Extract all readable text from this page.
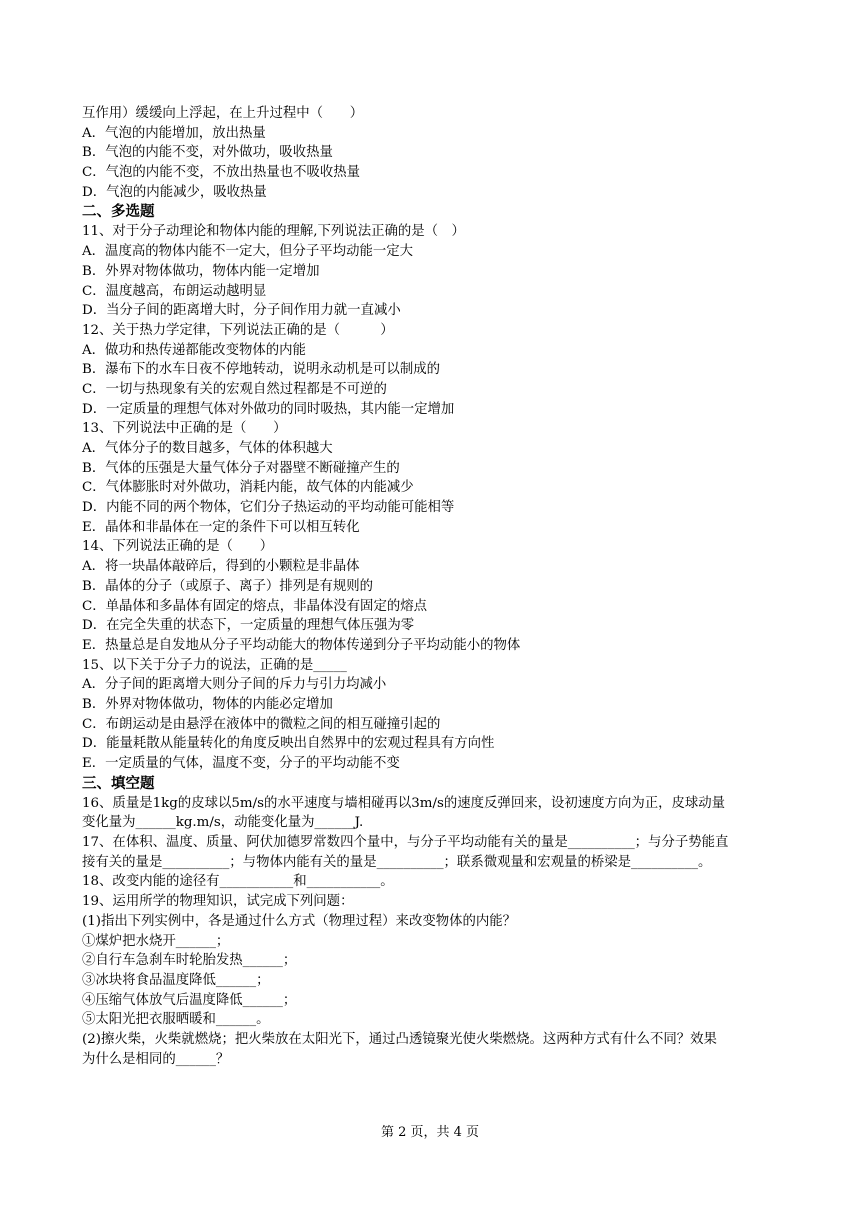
互作用）缓缓向上浮起，在上升过程中（　　）
A．气泡的内能增加，放出热量
B．气泡的内能不变，对外做功，吸收热量
C．气泡的内能不变，不放出热量也不吸收热量
D．气泡的内能减少，吸收热量
二、多选题
11、对于分子动理论和物体内能的理解,下列说法正确的是（　）
A．温度高的物体内能不一定大，但分子平均动能一定大
B．外界对物体做功，物体内能一定增加
C．温度越高，布朗运动越明显
D．当分子间的距离增大时，分子间作用力就一直减小
12、关于热力学定律，下列说法正确的是（　　　）
A．做功和热传递都能改变物体的内能
B．瀑布下的水车日夜不停地转动，说明永动机是可以制成的
C．一切与热现象有关的宏观自然过程都是不可逆的
D．一定质量的理想气体对外做功的同时吸热，其内能一定增加
13、下列说法中正确的是（　　）
A．气体分子的数目越多，气体的体积越大
B．气体的压强是大量气体分子对器壁不断碰撞产生的
C．气体膨胀时对外做功，消耗内能，故气体的内能减少
D．内能不同的两个物体，它们分子热运动的平均动能可能相等
E．晶体和非晶体在一定的条件下可以相互转化
14、下列说法正确的是（　　）
A．将一块晶体敲碎后，得到的小颗粒是非晶体
B．晶体的分子（或原子、离子）排列是有规则的
C．单晶体和多晶体有固定的熔点，非晶体没有固定的熔点
D．在完全失重的状态下，一定质量的理想气体压强为零
E．热量总是自发地从分子平均动能大的物体传递到分子平均动能小的物体
15、以下关于分子力的说法，正确的是_____
A．分子间的距离增大则分子间的斥力与引力均减小
B．外界对物体做功，物体的内能必定增加
C．布朗运动是由悬浮在液体中的微粒之间的相互碰撞引起的
D．能量耗散从能量转化的角度反映出自然界中的宏观过程具有方向性
E．一定质量的气体，温度不变，分子的平均动能不变
三、填空题
16、质量是1kg的皮球以5m/s的水平速度与墙相碰再以3m/s的速度反弹回来，设初速度方向为正，皮球动量
变化量为______kg.m/s，动能变化量为______J.
17、在体积、温度、质量、阿伏加德罗常数四个量中，与分子平均动能有关的量是__________；与分子势能直
接有关的量是__________；与物体内能有关的量是__________；联系微观量和宏观量的桥梁是__________。
18、改变内能的途径有___________和___________。
19、运用所学的物理知识，试完成下列问题：
(1)指出下列实例中，各是通过什么方式（物理过程）来改变物体的内能？
①煤炉把水烧开______；
②自行车急刹车时轮胎发热______；
③冰块将食品温度降低______；
④压缩气体放气后温度降低______；
⑤太阳光把衣服晒暖和______。
(2)擦火柴，火柴就燃烧；把火柴放在太阳光下，通过凸透镜聚光使火柴燃烧。这两种方式有什么不同？效果
为什么是相同的______？
第 2 页，共 4 页
